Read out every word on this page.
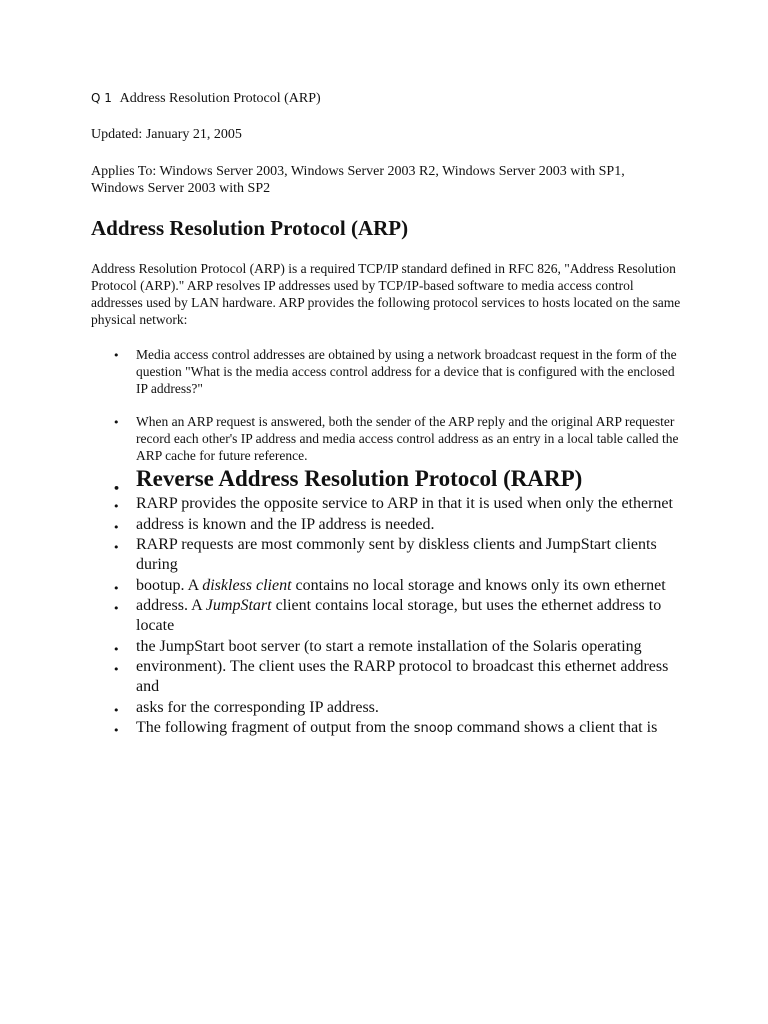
Q 1 Address Resolution Protocol (ARP)
Updated: January 21, 2005
Applies To: Windows Server 2003, Windows Server 2003 R2, Windows Server 2003 with SP1, Windows Server 2003 with SP2
Address Resolution Protocol (ARP)

Address Resolution Protocol (ARP) is a required TCP/IP standard defined in RFC 826, "Address Resolution Protocol (ARP)." ARP resolves IP addresses used by TCP/IP-based software to media access control addresses used by LAN hardware. ARP provides the following protocol services to hosts located on the same physical network:

• Media access control addresses are obtained by using a network broadcast request in the form of the question "What is the media access control address for a device that is configured with the enclosed IP address?"
• When an ARP request is answered, both the sender of the ARP reply and the original ARP requester record each other's IP address and media access control address as an entry in a local table called the ARP cache for future reference.
• Reverse Address Resolution Protocol (RARP)
• RARP provides the opposite service to ARP in that it is used when only the ethernet
• address is known and the IP address is needed.
• RARP requests are most commonly sent by diskless clients and JumpStart clients during
• bootup. A diskless client contains no local storage and knows only its own ethernet
• address. A JumpStart client contains local storage, but uses the ethernet address to locate
• the JumpStart boot server (to start a remote installation of the Solaris operating
• environment). The client uses the RARP protocol to broadcast this ethernet address and
• asks for the corresponding IP address.
• The following fragment of output from the snoop command shows a client that is
